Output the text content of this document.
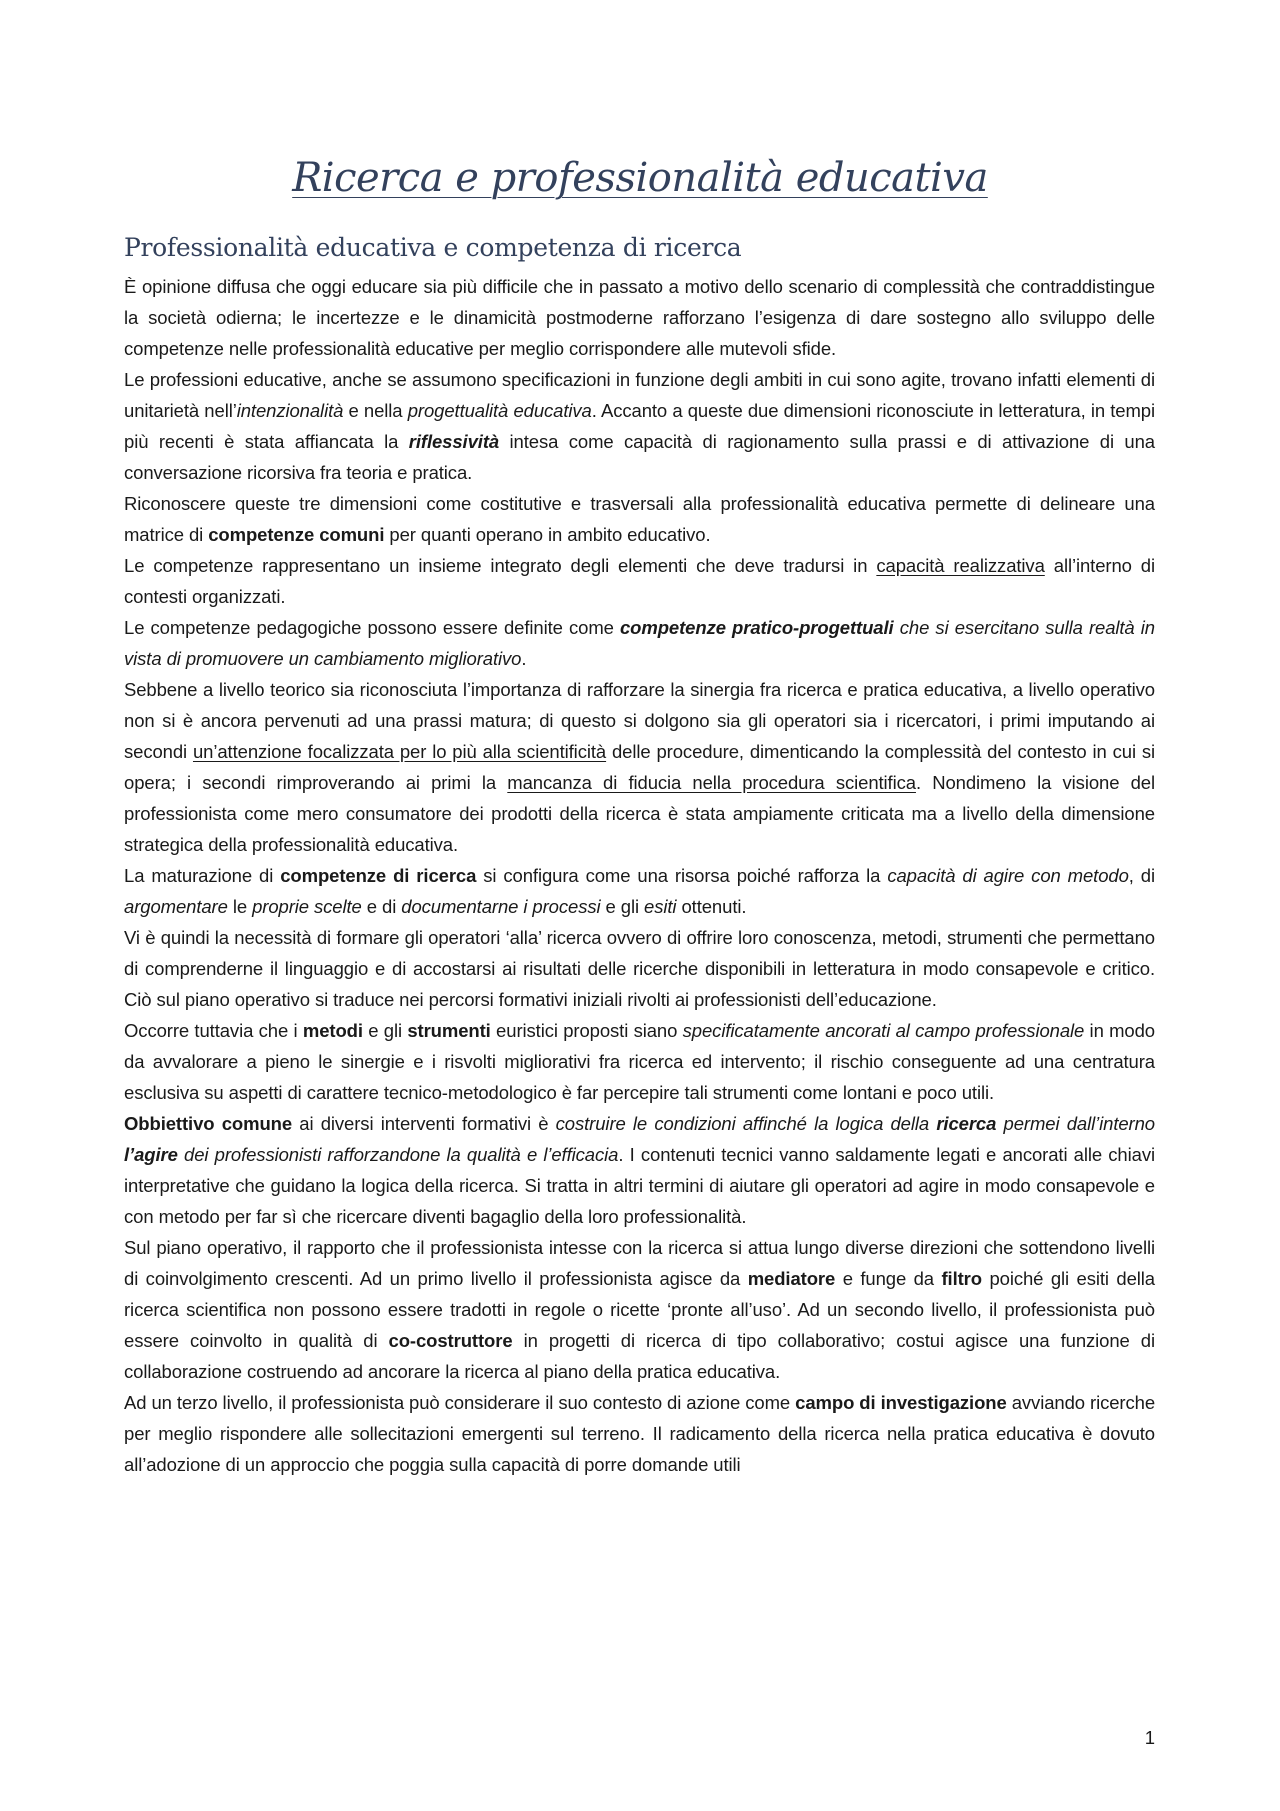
Ricerca e professionalità educativa
Professionalità educativa e competenza di ricerca

È opinione diffusa che oggi educare sia più difficile che in passato a motivo dello scenario di complessità che contraddistingue la società odierna; le incertezze e le dinamicità postmoderne rafforzano l’esigenza di dare sostegno allo sviluppo delle competenze nelle professionalità educative per meglio corrispondere alle mutevoli sfide.

Le professioni educative, anche se assumono specificazioni in funzione degli ambiti in cui sono agite, trovano infatti elementi di unitarietà nell’intenzionalità e nella progettualità educativa. Accanto a queste due dimensioni riconosciute in letteratura, in tempi più recenti è stata affiancata la riflessività intesa come capacità di ragionamento sulla prassi e di attivazione di una conversazione ricorsiva fra teoria e pratica.

Riconoscere queste tre dimensioni come costitutive e trasversali alla professionalità educativa permette di delineare una matrice di competenze comuni per quanti operano in ambito educativo.

Le competenze rappresentano un insieme integrato degli elementi che deve tradursi in capacità realizzativa all’interno di contesti organizzati.

Le competenze pedagogiche possono essere definite come competenze pratico-progettuali che si esercitano sulla realtà in vista di promuovere un cambiamento migliorativo.

Sebbene a livello teorico sia riconosciuta l’importanza di rafforzare la sinergia fra ricerca e pratica educativa, a livello operativo non si è ancora pervenuti ad una prassi matura; di questo si dolgono sia gli operatori sia i ricercatori, i primi imputando ai secondi un’attenzione focalizzata per lo più alla scientificità delle procedure, dimenticando la complessità del contesto in cui si opera; i secondi rimproverando ai primi la mancanza di fiducia nella procedura scientifica. Nondimeno la visione del professionista come mero consumatore dei prodotti della ricerca è stata ampiamente criticata ma a livello della dimensione strategica della professionalità educativa.

La maturazione di competenze di ricerca si configura come una risorsa poiché rafforza la capacità di agire con metodo, di argomentare le proprie scelte e di documentarne i processi e gli esiti ottenuti.

Vi è quindi la necessità di formare gli operatori ‘alla’ ricerca ovvero di offrire loro conoscenza, metodi, strumenti che permettano di comprenderne il linguaggio e di accostarsi ai risultati delle ricerche disponibili in letteratura in modo consapevole e critico. Ciò sul piano operativo si traduce nei percorsi formativi iniziali rivolti ai professionisti dell’educazione.

Occorre tuttavia che i metodi e gli strumenti euristici proposti siano specificatamente ancorati al campo professionale in modo da avvalorare a pieno le sinergie e i risvolti migliorativi fra ricerca ed intervento; il rischio conseguente ad una centratura esclusiva su aspetti di carattere tecnico-metodologico è far percepire tali strumenti come lontani e poco utili.

Obbiettivo comune ai diversi interventi formativi è costruire le condizioni affinché la logica della ricerca permei dall’interno l’agire dei professionisti rafforzandone la qualità e l’efficacia. I contenuti tecnici vanno saldamente legati e ancorati alle chiavi interpretative che guidano la logica della ricerca. Si tratta in altri termini di aiutare gli operatori ad agire in modo consapevole e con metodo per far sì che ricercare diventi bagaglio della loro professionalità.

Sul piano operativo, il rapporto che il professionista intesse con la ricerca si attua lungo diverse direzioni che sottendono livelli di coinvolgimento crescenti. Ad un primo livello il professionista agisce da mediatore e funge da filtro poiché gli esiti della ricerca scientifica non possono essere tradotti in regole o ricette ‘pronte all’uso’. Ad un secondo livello, il professionista può essere coinvolto in qualità di co-costruttore in progetti di ricerca di tipo collaborativo; costui agisce una funzione di collaborazione costruendo ad ancorare la ricerca al piano della pratica educativa.

Ad un terzo livello, il professionista può considerare il suo contesto di azione come campo di investigazione avviando ricerche per meglio rispondere alle sollecitazioni emergenti sul terreno. Il radicamento della ricerca nella pratica educativa è dovuto all’adozione di un approccio che poggia sulla capacità di porre domande utili

1
